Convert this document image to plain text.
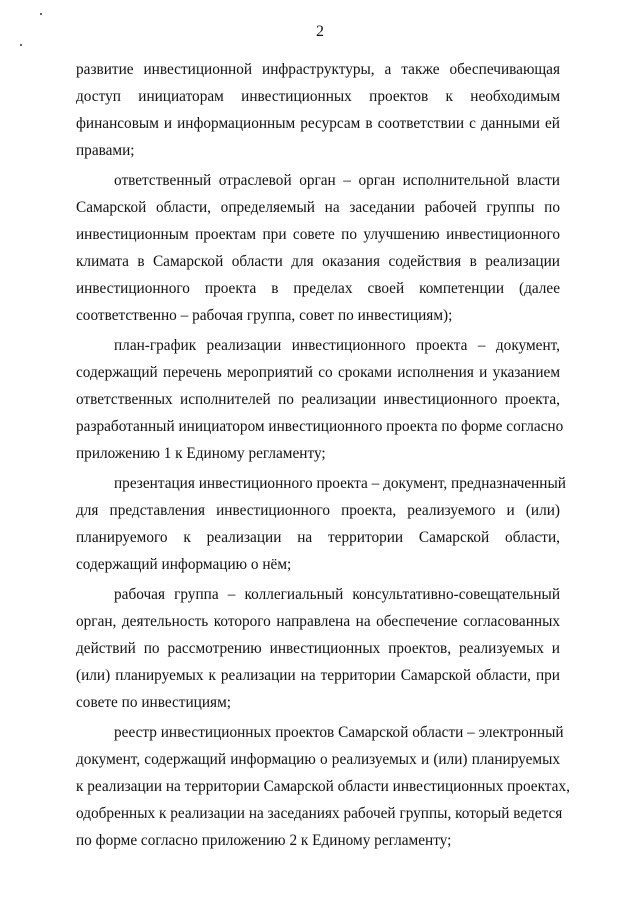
2
развитие инвестиционной инфраструктуры, а также обеспечивающая
доступ инициаторам инвестиционных проектов к необходимым
финансовым и информационным ресурсам в соответствии с данными ей
правами;
ответственный отраслевой орган – орган исполнительной власти
Самарской области, определяемый на заседании рабочей группы по
инвестиционным проектам при совете по улучшению инвестиционного
климата в Самарской области для оказания содействия в реализации
инвестиционного проекта в пределах своей компетенции (далее
соответственно – рабочая группа, совет по инвестициям);
план-график реализации инвестиционного проекта – документ,
содержащий перечень мероприятий со сроками исполнения и указанием
ответственных исполнителей по реализации инвестиционного проекта,
разработанный инициатором инвестиционного проекта по форме согласно
приложению 1 к Единому регламенту;
презентация инвестиционного проекта – документ, предназначенный
для представления инвестиционного проекта, реализуемого и (или)
планируемого к реализации на территории Самарской области,
содержащий информацию о нём;
рабочая группа – коллегиальный консультативно-совещательный
орган, деятельность которого направлена на обеспечение согласованных
действий по рассмотрению инвестиционных проектов, реализуемых и
(или) планируемых к реализации на территории Самарской области, при
совете по инвестициям;
реестр инвестиционных проектов Самарской области – электронный
документ, содержащий информацию о реализуемых и (или) планируемых
к реализации на территории Самарской области инвестиционных проектах,
одобренных к реализации на заседаниях рабочей группы, который ведется
по форме согласно приложению 2 к Единому регламенту;
